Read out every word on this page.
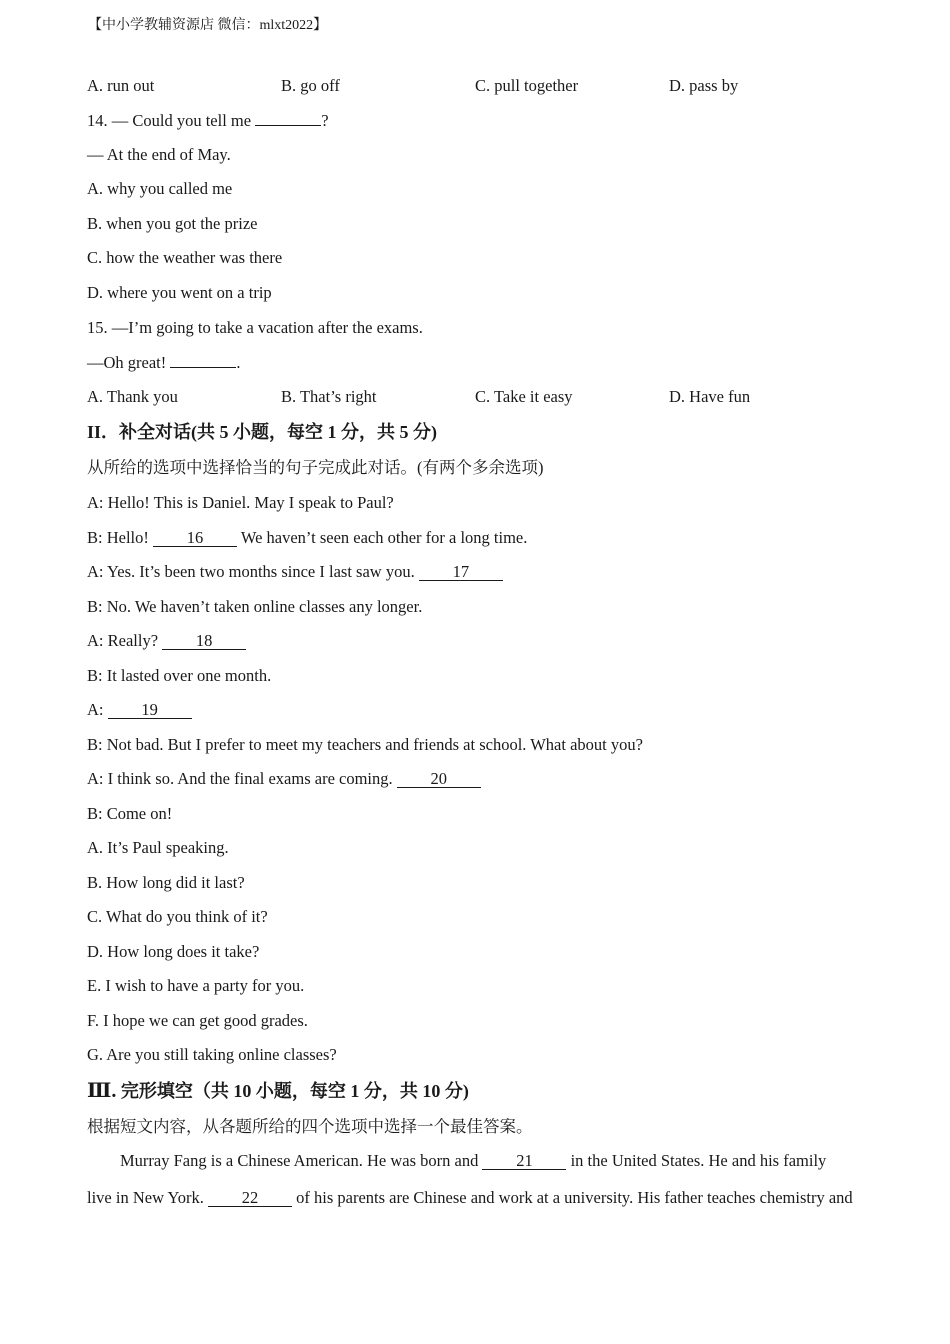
【中小学教辅资源店 微信：mlxt2022】
A. run out	B. go off	C. pull together	D. pass by
14. — Could you tell me	?
— At the end of May.
A. why you called me
B. when you got the prize
C. how the weather was there
D. where you went on a trip
15. —I’m going to take a vacation after the exams.
—Oh great!	.
A. Thank you	B. That’s right	C. Take it easy	D. Have fun
II．补全对话(共 5 小题，每空 1 分，共 5 分)
从所给的选项中选择恰当的句子完成此对话。(有两个多余选项)
A: Hello! This is Daniel. May I speak to Paul?
B: Hello! 16 We haven’t seen each other for a long time.
A: Yes. It’s been two months since I last saw you. 17
B: No. We haven’t taken online classes any longer.
A: Really? 18
B: It lasted over one month.
A: 19
B: Not bad. But I prefer to meet my teachers and friends at school. What about you?
A: I think so. And the final exams are coming. 20
B: Come on!
A. It’s Paul speaking.
B. How long did it last?
C. What do you think of it?
D. How long does it take?
E. I wish to have a party for you.
F. I hope we can get good grades.
G. Are you still taking online classes?
Ⅲ. 完形填空（共 10 小题，每空 1 分，共 10 分)
根据短文内容，从各题所给的四个选项中选择一个最佳答案。
Murray Fang is a Chinese American. He was born and 21 in the United States. He and his family
live in New York. 22 of his parents are Chinese and work at a university. His father teaches chemistry and
